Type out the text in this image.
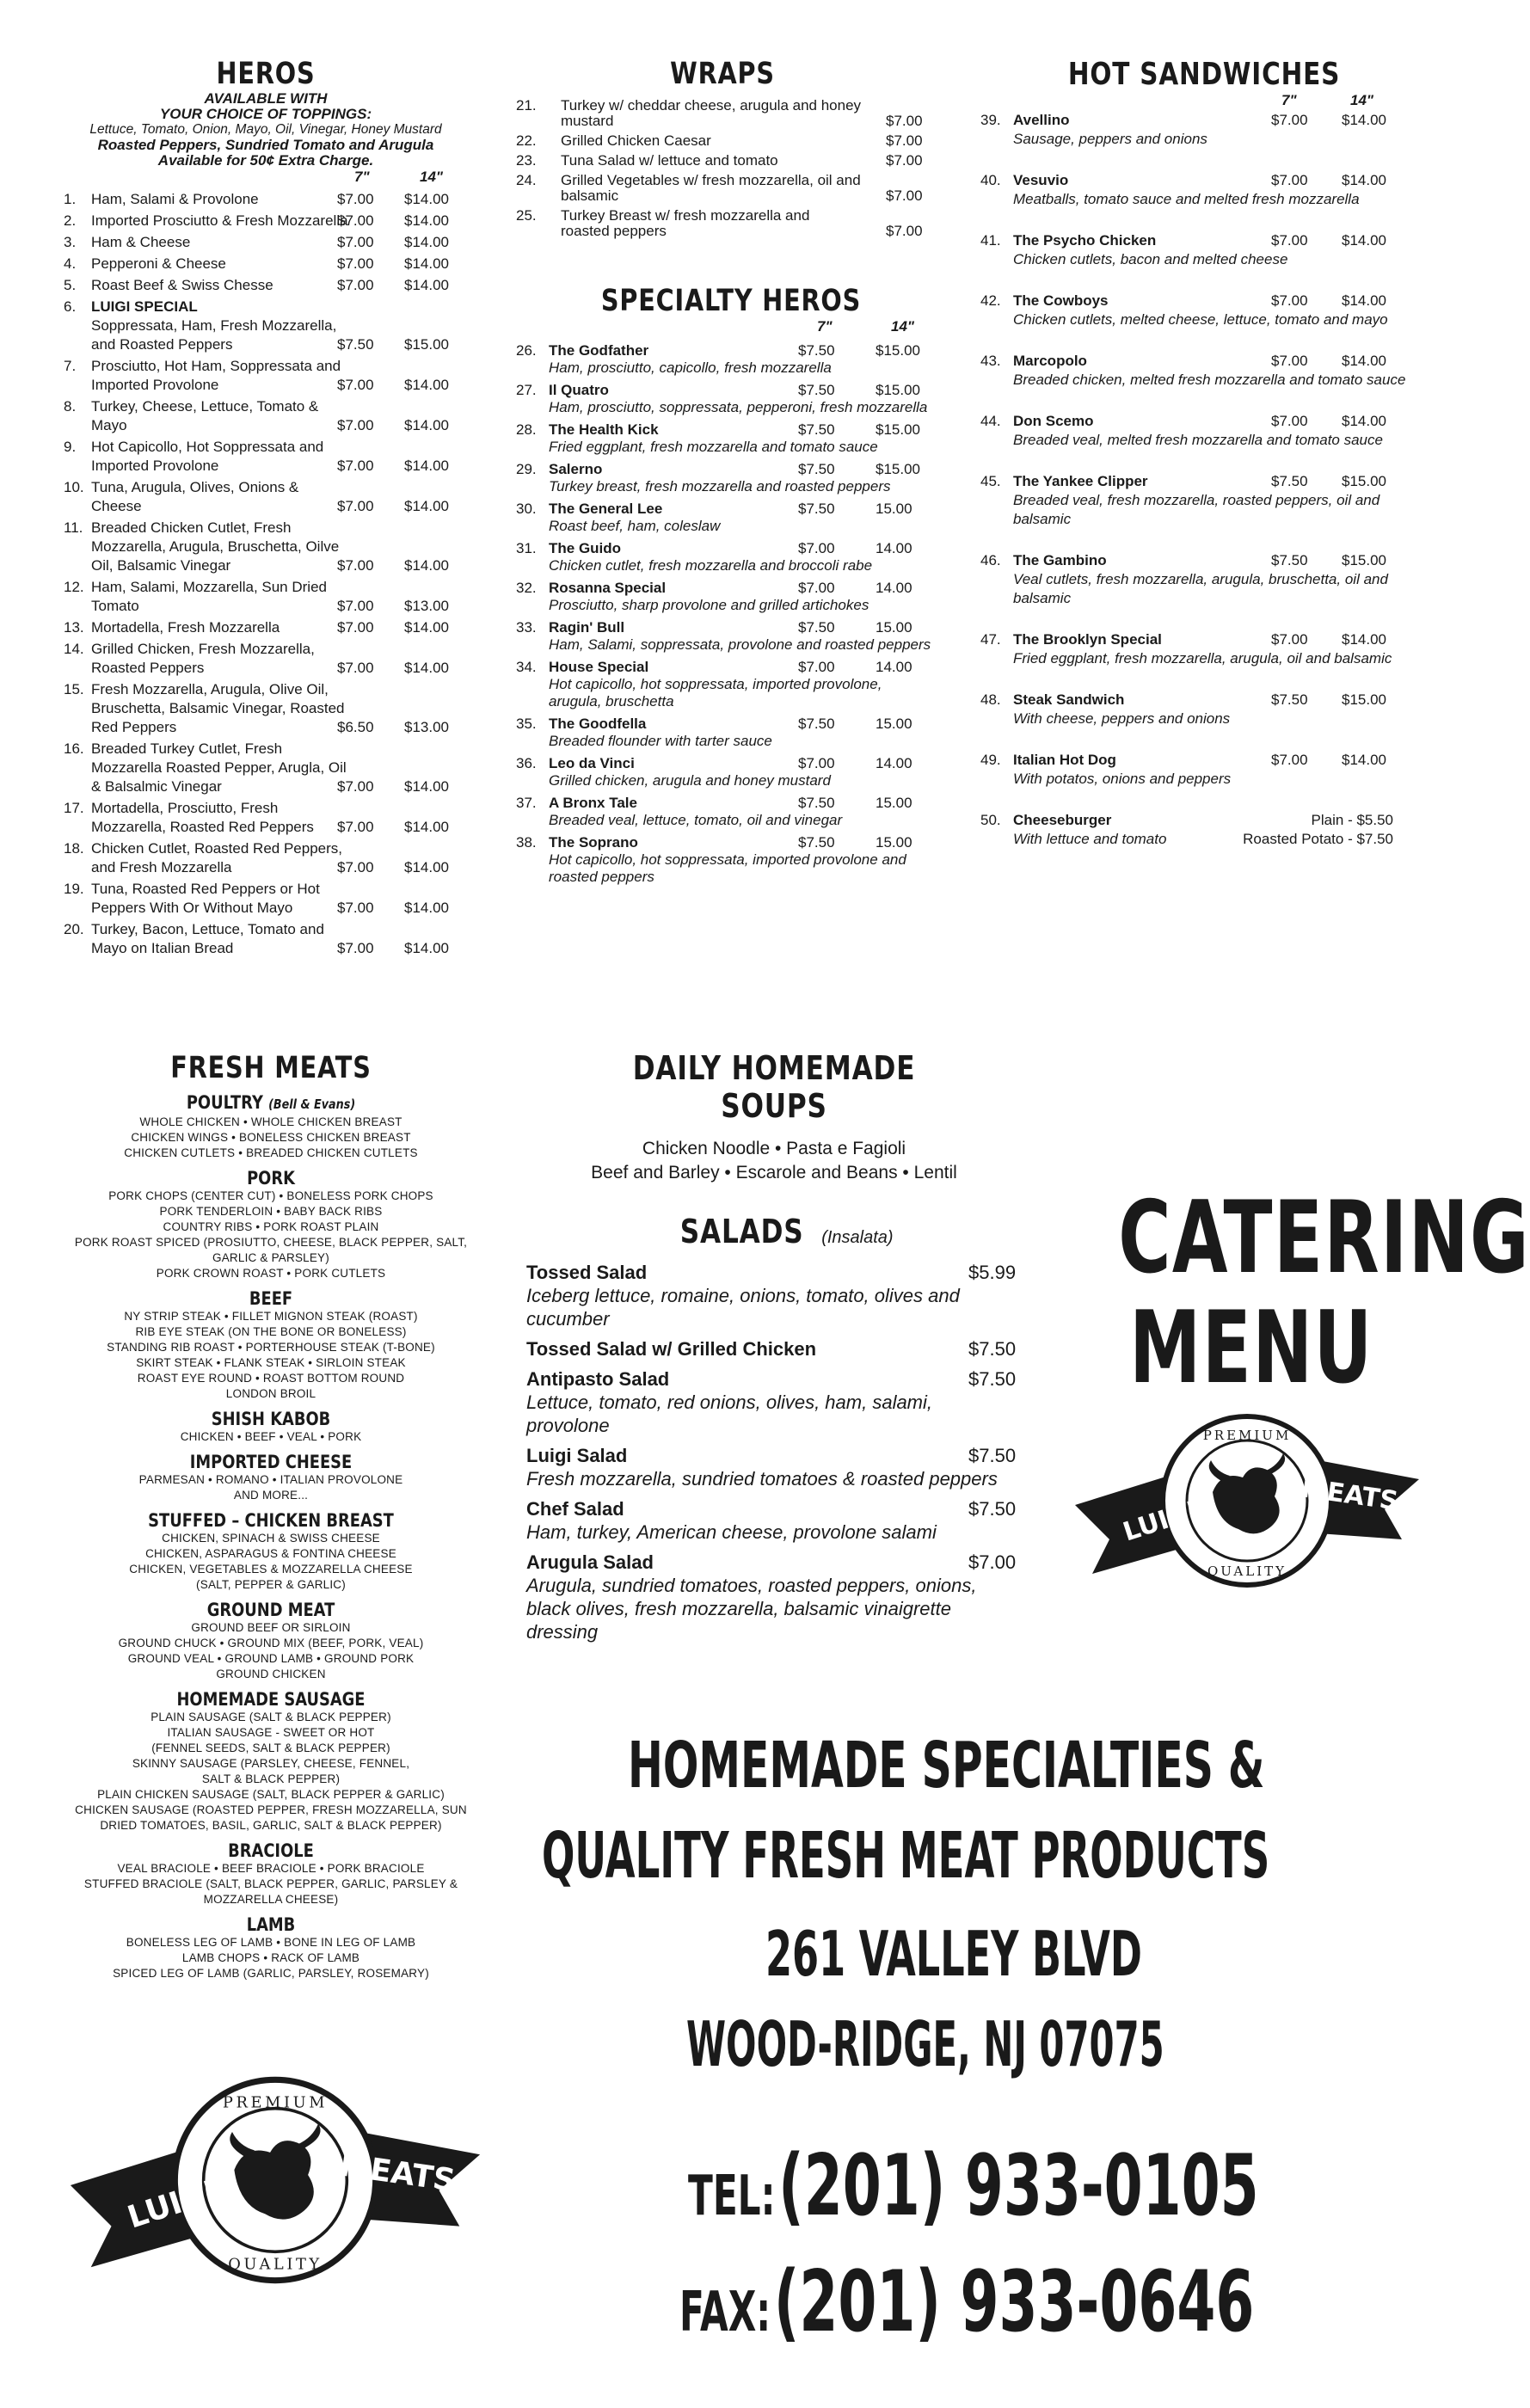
HEROS
AVAILABLE WITH
YOUR CHOICE OF TOPPINGS:
Lettuce, Tomato, Onion, Mayo, Oil, Vinegar, Honey Mustard
Roasted Peppers, Sundried Tomato and Arugula
Available for 50¢ Extra Charge.
7"	14"
1. Ham, Salami & Provolone	$7.00 $14.00
2. Imported Prosciutto & Fresh Mozzarella
$7.00 $14.00
3. Ham & Cheese	$7.00 $14.00
4. Pepperoni & Cheese	$7.00 $14.00
5. Roast Beef & Swiss Chesse	$7.00 $14.00
6. LUIGI SPECIAL
Soppressata, Ham, Fresh Mozzarella, and Roasted Peppers	$7.50 $15.00
7. Prosciutto, Hot Ham, Soppressata and Imported Provolone	$7.00 $14.00
8. Turkey, Cheese, Lettuce, Tomato & Mayo	$7.00 $14.00
9. Hot Capicollo, Hot Soppressata and Imported Provolone	$7.00 $14.00
10. Tuna, Arugula, Olives, Onions & Cheese	$7.00 $14.00
11. Breaded Chicken Cutlet, Fresh Mozzarella, Arugula, Bruschetta, Oilve Oil, Balsamic Vinegar	$7.00 $14.00
12. Ham, Salami, Mozzarella, Sun Dried Tomato	$7.00 $13.00
13. Mortadella, Fresh Mozzarella	$7.00 $14.00
14. Grilled Chicken, Fresh Mozzarella, Roasted Peppers	$7.00 $14.00
15. Fresh Mozzarella, Arugula, Olive Oil, Bruschetta, Balsamic Vinegar, Roasted Red Peppers	$6.50 $13.00
16. Breaded Turkey Cutlet, Fresh Mozzarella Roasted Pepper, Arugla, Oil & Balsalmic Vinegar	$7.00 $14.00
17. Mortadella, Prosciutto, Fresh Mozzarella, Roasted Red Peppers	$7.00 $14.00
18. Chicken Cutlet, Roasted Red Peppers, and Fresh Mozzarella	$7.00 $14.00
19. Tuna, Roasted Red Peppers or Hot Peppers With Or Without Mayo	$7.00 $14.00
20. Turkey, Bacon, Lettuce, Tomato and Mayo on Italian Bread	$7.00 $14.00
WRAPS
21. Turkey w/ cheddar cheese, arugula and honey mustard	$7.00
22. Grilled Chicken Caesar	$7.00
23. Tuna Salad w/ lettuce and tomato	$7.00
24. Grilled Vegetables w/ fresh mozzarella, oil and balsamic	$7.00
25. Turkey Breast w/ fresh mozzarella and roasted peppers	$7.00
SPECIALTY HEROS
7"	14"
26. The Godfather
Ham, prosciutto, capicollo, fresh mozzarella
$7.50	$15.00
27. Il Quatro
Ham, prosciutto, soppressata, pepperoni, fresh mozzarella
$7.50	$15.00
28. The Health Kick
Fried eggplant, fresh mozzarella and tomato sauce
$7.50	$15.00
29. Salerno
Turkey breast, fresh mozzarella and roasted peppers
$7.50	$15.00
30. The General Lee
Roast beef, ham, coleslaw
$7.50	15.00
31. The Guido
Chicken cutlet, fresh mozzarella and broccoli rabe
$7.00	14.00
32. Rosanna Special
Prosciutto, sharp provolone and grilled artichokes
$7.00	14.00
33. Ragin' Bull
Ham, Salami, soppressata, provolone and roasted peppers
$7.50	15.00
34. House Special
Hot capicollo, hot soppressata, imported provolone, arugula, bruschetta
$7.00	14.00
35. The Goodfella
Breaded flounder with tarter sauce
$7.50	15.00
36. Leo da Vinci
Grilled chicken, arugula and honey mustard
$7.00	14.00
37. A Bronx Tale
Breaded veal, lettuce, tomato, oil and vinegar
$7.50	15.00
38. The Soprano
Hot capicollo, hot soppressata, imported provolone and roasted peppers
$7.50	15.00
HOT SANDWICHES
7"	14"
39. Avellino
Sausage, peppers and onions
$7.00 $14.00
40. Vesuvio
Meatballs, tomato sauce and melted fresh mozzarella
$7.00 $14.00
41. The Psycho Chicken
Chicken cutlets, bacon and melted cheese
$7.00 $14.00
42. The Cowboys
Chicken cutlets, melted cheese, lettuce, tomato and mayo
$7.00 $14.00
43. Marcopolo
Breaded chicken, melted fresh mozzarella and tomato sauce
$7.00 $14.00
44. Don Scemo
Breaded veal, melted fresh mozzarella and tomato sauce
$7.00 $14.00
45. The Yankee Clipper
Breaded veal, fresh mozzarella, roasted peppers, oil and balsamic
$7.50 $15.00
46. The Gambino
Veal cutlets, fresh mozzarella, arugula, bruschetta, oil and balsamic
$7.50 $15.00
47. The Brooklyn Special
Fried eggplant, fresh mozzarella, arugula, oil and balsamic
$7.00 $14.00
48. Steak Sandwich
With cheese, peppers and onions
$7.50 $15.00
49. Italian Hot Dog
With potatos, onions and peppers
$7.00 $14.00
50. Cheeseburger
With lettuce and tomato
Plain - $5.50
Roasted Potato - $7.50
FRESH MEATS
POULTRY (Bell & Evans)
WHOLE CHICKEN • WHOLE CHICKEN BREAST
CHICKEN WINGS • BONELESS CHICKEN BREAST
CHICKEN CUTLETS • BREADED CHICKEN CUTLETS
PORK
PORK CHOPS (CENTER CUT) • BONELESS PORK CHOPS
PORK TENDERLOIN • BABY BACK RIBS
COUNTRY RIBS • PORK ROAST PLAIN
PORK ROAST SPICED (PROSIUTTO, CHEESE, BLACK PEPPER, SALT,
GARLIC & PARSLEY)
PORK CROWN ROAST • PORK CUTLETS
BEEF
NY STRIP STEAK • FILLET MIGNON STEAK (ROAST)
RIB EYE STEAK (ON THE BONE OR BONELESS)
STANDING RIB ROAST • PORTERHOUSE STEAK (T-BONE)
SKIRT STEAK • FLANK STEAK • SIRLOIN STEAK
ROAST EYE ROUND • ROAST BOTTOM ROUND
LONDON BROIL
SHISH KABOB
CHICKEN • BEEF • VEAL • PORK
IMPORTED CHEESE
PARMESAN • ROMANO • ITALIAN PROVOLONE
AND MORE...
STUFFED – CHICKEN BREAST
CHICKEN, SPINACH & SWISS CHEESE
CHICKEN, ASPARAGUS & FONTINA CHEESE
CHICKEN, VEGETABLES & MOZZARELLA CHEESE
(SALT, PEPPER & GARLIC)
GROUND MEAT
GROUND BEEF OR SIRLOIN
GROUND CHUCK • GROUND MIX (BEEF, PORK, VEAL)
GROUND VEAL • GROUND LAMB • GROUND PORK
GROUND CHICKEN
HOMEMADE SAUSAGE
PLAIN SAUSAGE (SALT & BLACK PEPPER)
ITALIAN SAUSAGE - SWEET OR HOT
(FENNEL SEEDS, SALT & BLACK PEPPER)
SKINNY SAUSAGE (PARSLEY, CHEESE, FENNEL,
SALT & BLACK PEPPER)
PLAIN CHICKEN SAUSAGE (SALT, BLACK PEPPER & GARLIC)
CHICKEN SAUSAGE (ROASTED PEPPER, FRESH MOZZARELLA, SUN
DRIED TOMATOES, BASIL, GARLIC, SALT & BLACK PEPPER)
BRACIOLE
VEAL BRACIOLE • BEEF BRACIOLE • PORK BRACIOLE
STUFFED BRACIOLE (SALT, BLACK PEPPER, GARLIC, PARSLEY &
MOZZARELLA CHEESE)
LAMB
BONELESS LEG OF LAMB • BONE IN LEG OF LAMB
LAMB CHOPS • RACK OF LAMB
SPICED LEG OF LAMB (GARLIC, PARSLEY, ROSEMARY)
DAILY HOMEMADE SOUPS
Chicken Noodle • Pasta e Fagioli
Beef and Barley • Escarole and Beans • Lentil
SALADS (Insalata)
Tossed Salad
Iceberg lettuce, romaine, onions, tomato, olives and cucumber
$5.99
Tossed Salad w/ Grilled Chicken	$7.50
Antipasto Salad
Lettuce, tomato, red onions, olives, ham, salami, provolone
$7.50
Luigi Salad
Fresh mozzarella, sundried tomatoes & roasted peppers
$7.50
Chef Salad
Ham, turkey, American cheese, provolone salami
$7.50
Arugula Salad
Arugula, sundried tomatoes, roasted peppers, onions, black olives, fresh mozzarella, balsamic vinaigrette dressing
$7.00
CATERING
MENU
PREMIUM
QUALITY
LUIGI
MEATS
PREMIUM
QUALITY
LUIGI
MEATS
HOMEMADE SPECIALTIES &
QUALITY FRESH MEAT PRODUCTS
261 VALLEY BLVD
WOOD-RIDGE, NJ 07075
TEL: (201) 933-0105
FAX: (201) 933-0646
